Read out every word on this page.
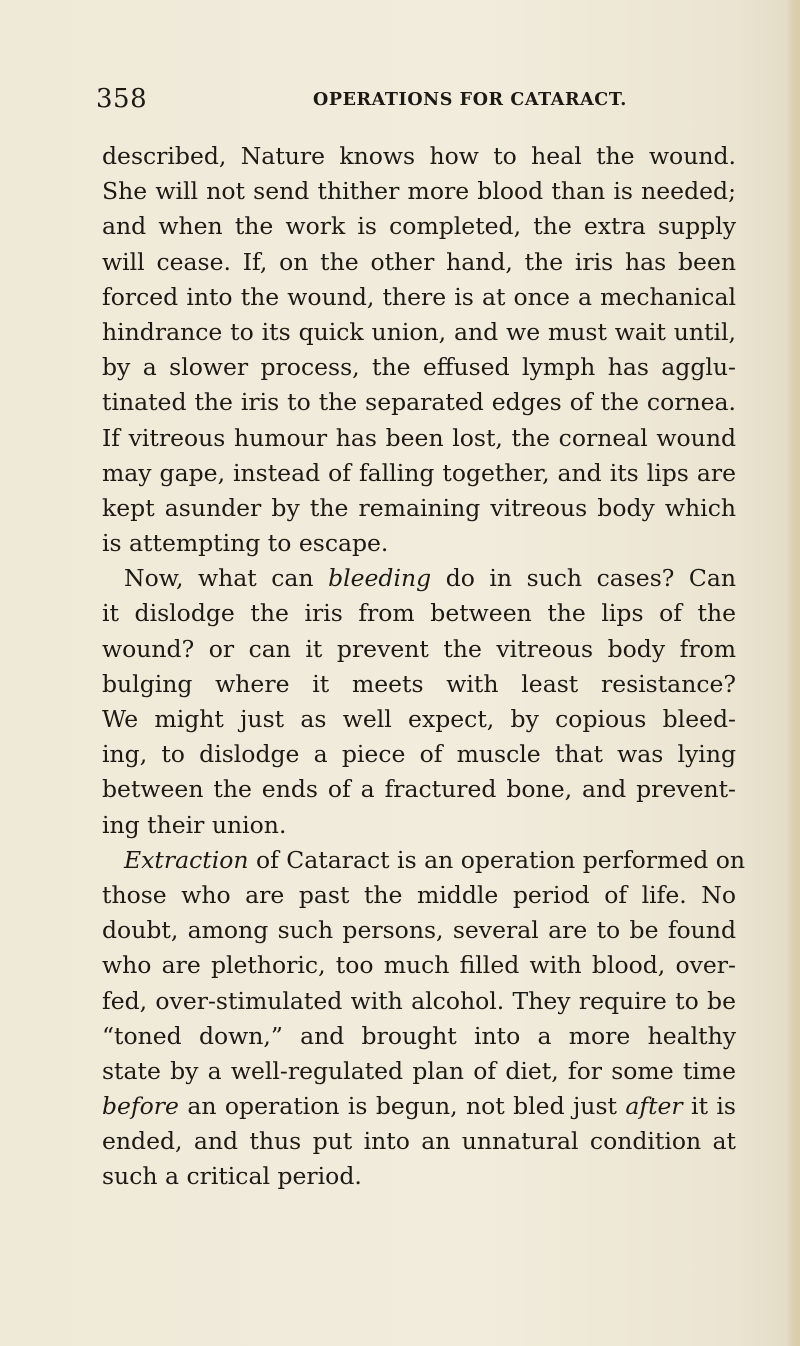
358	OPERATIONS FOR CATARACT.
described, Nature knows how to heal the wound.
She will not send thither more blood than is needed;
and when the work is completed, the extra supply
will cease. If, on the other hand, the iris has been
forced into the wound, there is at once a mechanical
hindrance to its quick union, and we must wait until,
by a slower process, the effused lymph has agglu-
tinated the iris to the separated edges of the cornea.
If vitreous humour has been lost, the corneal wound
may gape, instead of falling together, and its lips are
kept asunder by the remaining vitreous body which
is attempting to escape.
Now, what can bleeding do in such cases? Can
it dislodge the iris from between the lips of the
wound? or can it prevent the vitreous body from
bulging where it meets with least resistance?
We might just as well expect, by copious bleed-
ing, to dislodge a piece of muscle that was lying
between the ends of a fractured bone, and prevent-
ing their union.
Extraction of Cataract is an operation performed on
those who are past the middle period of life. No
doubt, among such persons, several are to be found
who are plethoric, too much filled with blood, over-
fed, over-stimulated with alcohol. They require to be
“toned down,” and brought into a more healthy
state by a well-regulated plan of diet, for some time
before an operation is begun, not bled just after it is
ended, and thus put into an unnatural condition at
such a critical period.
